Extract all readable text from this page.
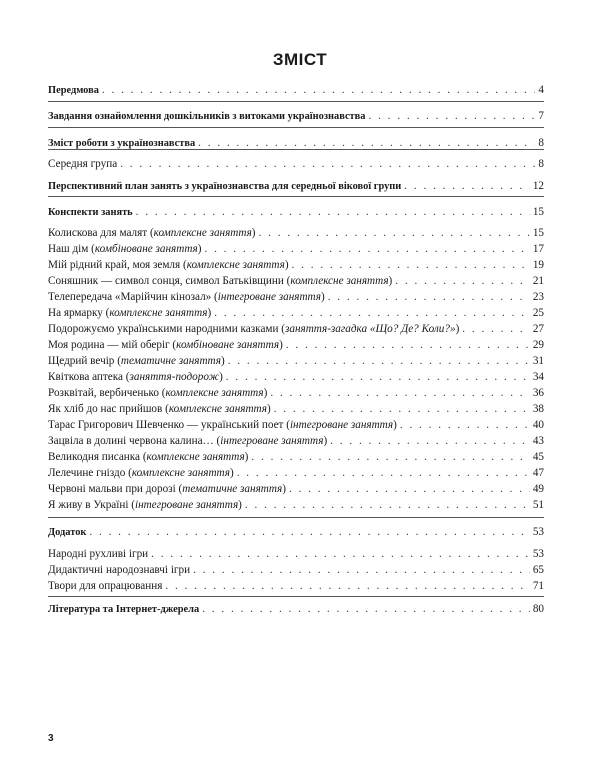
ЗМІСТ
Передмова . . .	4
Завдання ознайомлення дошкільників з витоками українознавства . . .	7
Зміст роботи з українознавства . . .	8
Середня група . . .	8
Перспективний план занять з українознавства для середньої вікової групи . . .	12
Конспекти занять . . .	15
Колискова для малят (комплексне заняття) . . .	15
Наш дім (комбіноване заняття) . . .	17
Мій рідний край, моя земля (комплексне заняття) . . .	19
Соняшник — символ сонця, символ Батьківщини (комплексне заняття) . . .	21
Телепередача «Марійчин кінозал» (інтегроване заняття) . . .	23
На ярмарку (комплексне заняття) . . .	25
Подорожуємо українськими народними казками (заняття-загадка «Що? Де? Коли?») . . .	27
Моя родина — мій оберіг (комбіноване заняття) . . .	29
Щедрий вечір (тематичне заняття) . . .	31
Квіткова аптека (заняття-подорож) . . .	34
Розквітай, вербиченько (комплексне заняття) . . .	36
Як хліб до нас прийшов (комплексне заняття) . . .	38
Тарас Григорович Шевченко — український поет (інтегроване заняття) . . .	40
Зацвіла в долині червона калина… (інтегроване заняття) . . .	43
Великодня писанка (комплексне заняття) . . .	45
Лелечине гніздо (комплексне заняття) . . .	47
Червоні мальви при дорозі (тематичне заняття) . . .	49
Я живу в Україні (інтегроване заняття) . . .	51
Додаток . . .	53
Народні рухливі ігри . . .	53
Дидактичні народознавчі ігри . . .	65
Твори для опрацювання . . .	71
Література та Інтернет-джерела . . .	80
3
